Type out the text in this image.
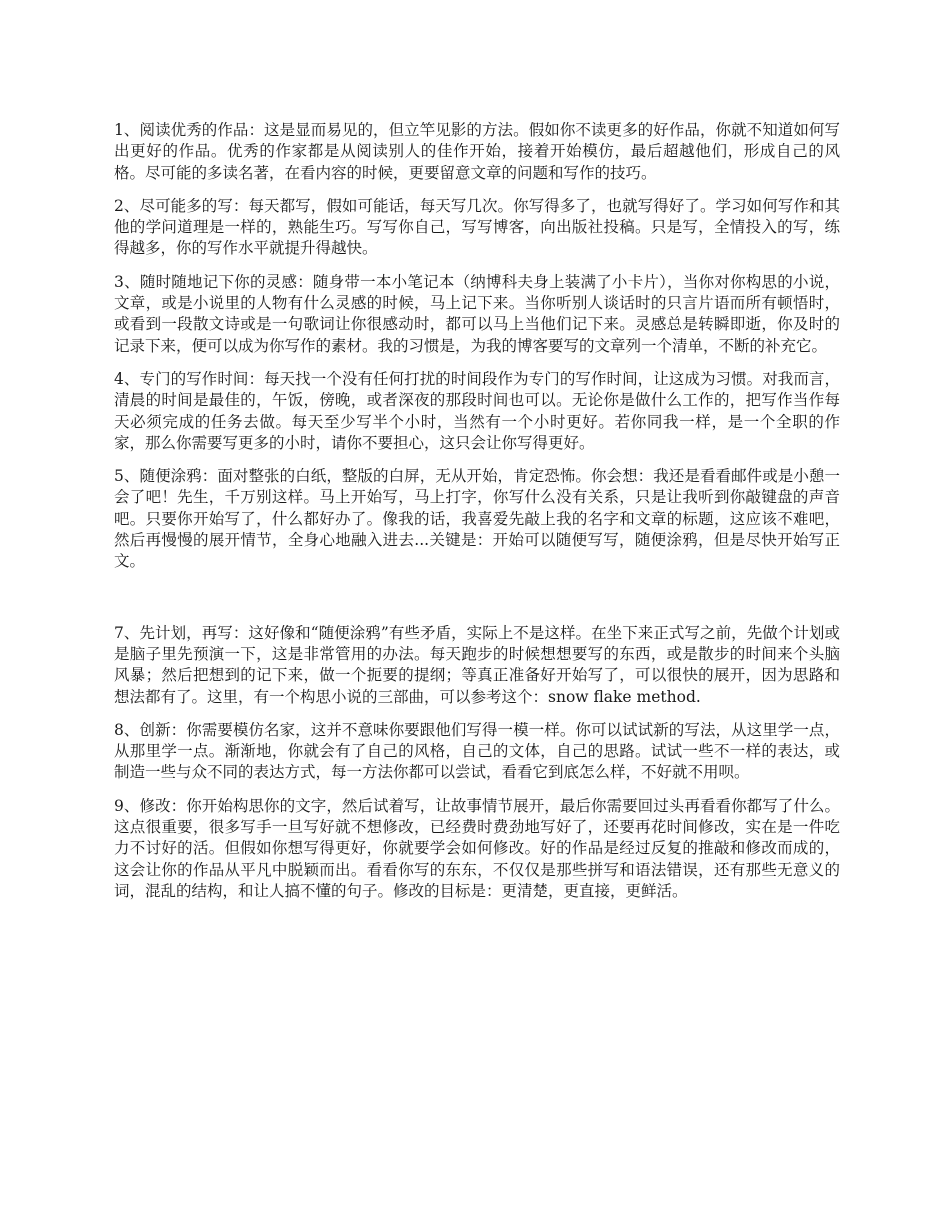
1、阅读优秀的作品：这是显而易见的，但立竿见影的方法。假如你不读更多的好作品，你就不知道如何写出更好的作品。优秀的作家都是从阅读别人的佳作开始，接着开始模仿，最后超越他们，形成自己的风格。尽可能的多读名著，在看内容的时候，更要留意文章的问题和写作的技巧。

2、尽可能多的写：每天都写，假如可能话，每天写几次。你写得多了，也就写得好了。学习如何写作和其他的学问道理是一样的，熟能生巧。写写你自己，写写博客，向出版社投稿。只是写，全情投入的写，练得越多，你的写作水平就提升得越快。

3、随时随地记下你的灵感：随身带一本小笔记本（纳博科夫身上装满了小卡片），当你对你构思的小说，文章，或是小说里的人物有什么灵感的时候，马上记下来。当你听别人谈话时的只言片语而所有顿悟时，或看到一段散文诗或是一句歌词让你很感动时，都可以马上当他们记下来。灵感总是转瞬即逝，你及时的记录下来，便可以成为你写作的素材。我的习惯是，为我的博客要写的文章列一个清单，不断的补充它。

4、专门的写作时间：每天找一个没有任何打扰的时间段作为专门的写作时间，让这成为习惯。对我而言，清晨的时间是最佳的，午饭，傍晚，或者深夜的那段时间也可以。无论你是做什么工作的，把写作当作每天必须完成的任务去做。每天至少写半个小时，当然有一个小时更好。若你同我一样，是一个全职的作家，那么你需要写更多的小时，请你不要担心，这只会让你写得更好。

5、随便涂鸦：面对整张的白纸，整版的白屏，无从开始，肯定恐怖。你会想：我还是看看邮件或是小憩一会了吧！先生，千万别这样。马上开始写，马上打字，你写什么没有关系，只是让我听到你敲键盘的声音吧。只要你开始写了，什么都好办了。像我的话，我喜爱先敲上我的名字和文章的标题，这应该不难吧，然后再慢慢的展开情节，全身心地融入进去...关键是：开始可以随便写写，随便涂鸦，但是尽快开始写正文。

7、先计划，再写：这好像和“随便涂鸦”有些矛盾，实际上不是这样。在坐下来正式写之前，先做个计划或是脑子里先预演一下，这是非常管用的办法。每天跑步的时候想想要写的东西，或是散步的时间来个头脑风暴；然后把想到的记下来，做一个扼要的提纲；等真正准备好开始写了，可以很快的展开，因为思路和想法都有了。这里，有一个构思小说的三部曲，可以参考这个：snow flake method.

8、创新：你需要模仿名家，这并不意味你要跟他们写得一模一样。你可以试试新的写法，从这里学一点，从那里学一点。渐渐地，你就会有了自己的风格，自己的文体，自己的思路。试试一些不一样的表达，或制造一些与众不同的表达方式，每一方法你都可以尝试，看看它到底怎么样，不好就不用呗。

9、修改：你开始构思你的文字，然后试着写，让故事情节展开，最后你需要回过头再看看你都写了什么。这点很重要，很多写手一旦写好就不想修改，已经费时费劲地写好了，还要再花时间修改，实在是一件吃力不讨好的活。但假如你想写得更好，你就要学会如何修改。好的作品是经过反复的推敲和修改而成的，这会让你的作品从平凡中脱颖而出。看看你写的东东，不仅仅是那些拼写和语法错误，还有那些无意义的词，混乱的结构，和让人搞不懂的句子。修改的目标是：更清楚，更直接，更鲜活。
